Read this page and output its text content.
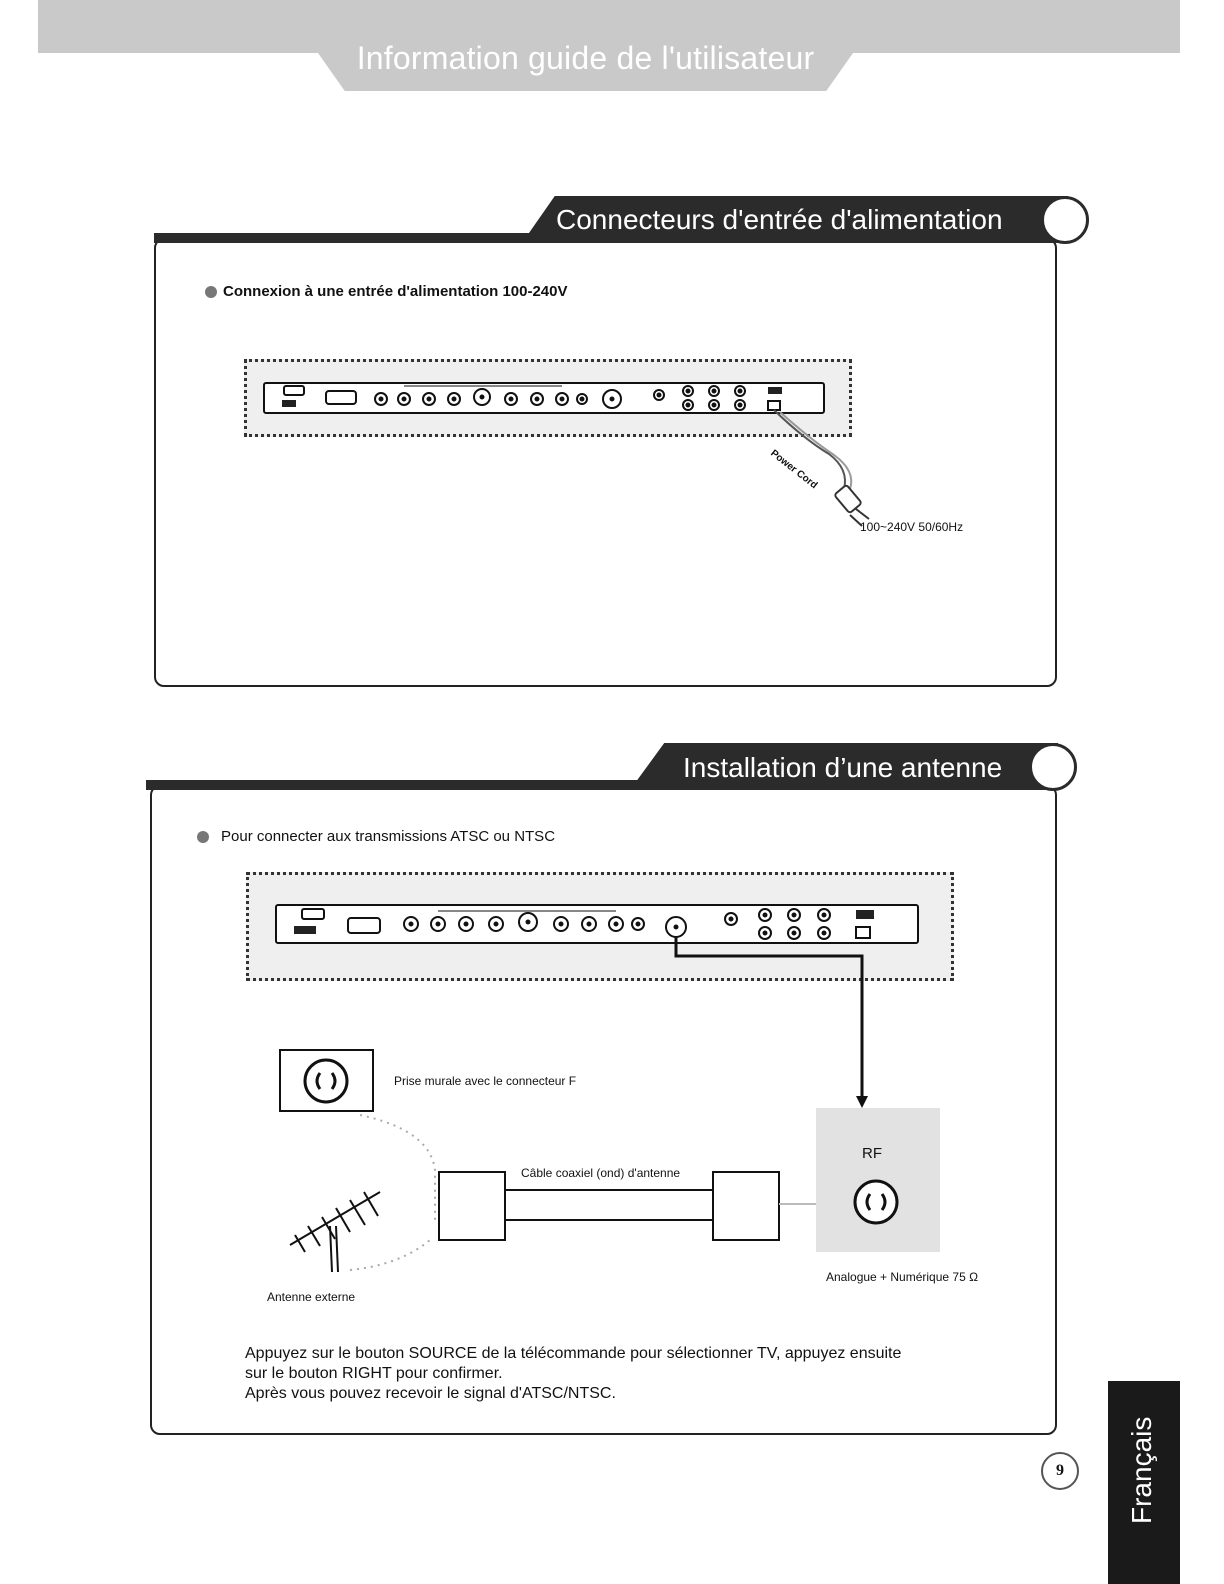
Information guide de l'utilisateur
Connecteurs d'entrée d'alimentation
Connexion à une entrée d'alimentation 100-240V
Power Cord
100~240V 50/60Hz
Installation d’une antenne
Pour connecter aux transmissions ATSC ou NTSC
Prise murale avec le connecteur F
Câble coaxiel (ond) d'antenne
RF
Analogue + Numérique 75 Ω
Antenne externe
Appuyez sur le bouton SOURCE de la télécommande pour sélectionner TV, appuyez ensuite
sur le bouton RIGHT pour confirmer.
Après vous pouvez recevoir le signal d'ATSC/NTSC.
Français
9
